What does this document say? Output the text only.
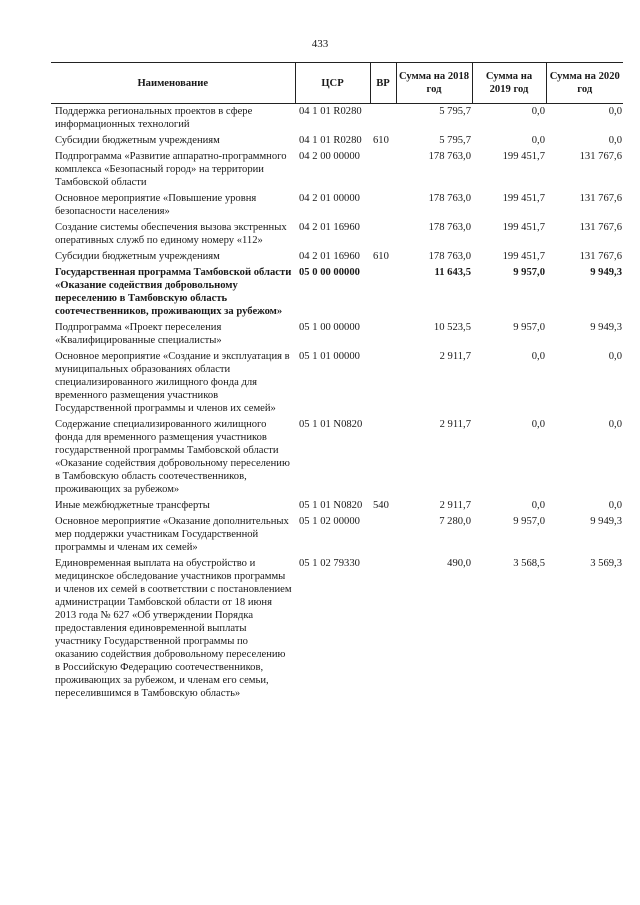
433
Наименование	ЦСР	ВР	Сумма на 2018 год	Сумма на 2019 год	Сумма на 2020 год
Поддержка региональных проектов в сфере информационных технологий	04 1 01 R0280		5 795,7	0,0	0,0
Субсидии бюджетным учреждениям	04 1 01 R0280	610	5 795,7	0,0	0,0
Подпрограмма «Развитие аппаратно-программного комплекса «Безопасный город» на территории Тамбовской области	04 2 00 00000		178 763,0	199 451,7	131 767,6
Основное мероприятие «Повышение уровня безопасности населения»	04 2 01 00000		178 763,0	199 451,7	131 767,6
Создание системы обеспечения вызова экстренных оперативных служб по единому номеру «112»	04 2 01 16960		178 763,0	199 451,7	131 767,6
Субсидии бюджетным учреждениям	04 2 01 16960	610	178 763,0	199 451,7	131 767,6
Государственная программа Тамбовской области «Оказание содействия добровольному переселению в Тамбовскую область соотечественников, проживающих за рубежом»	05 0 00 00000		11 643,5	9 957,0	9 949,3
Подпрограмма «Проект переселения «Квалифицированные специалисты»	05 1 00 00000		10 523,5	9 957,0	9 949,3
Основное мероприятие «Создание и эксплуатация в муниципальных образованиях области специализированного жилищного фонда для временного размещения участников Государственной программы и членов их семей»	05 1 01 00000		2 911,7	0,0	0,0
Содержание специализированного жилищного фонда для временного размещения участников государственной программы Тамбовской области «Оказание содействия добровольному переселению в Тамбовскую область соотечественников, проживающих за рубежом»	05 1 01 N0820		2 911,7	0,0	0,0
Иные межбюджетные трансферты	05 1 01 N0820	540	2 911,7	0,0	0,0
Основное мероприятие «Оказание дополнительных мер поддержки участникам Государственной программы и членам их семей»	05 1 02 00000		7 280,0	9 957,0	9 949,3
Единовременная выплата на обустройство и медицинское обследование участников программы и членов их семей в соответствии с постановлением администрации Тамбовской области от 18 июня 2013 года № 627 «Об утверждении Порядка предоставления единовременной выплаты участнику Государственной программы по оказанию содействия добровольному переселению в Российскую Федерацию соотечественников, проживающих за рубежом, и членам его семьи, переселившимся в Тамбовскую область»	05 1 02 79330		490,0	3 568,5	3 569,3
